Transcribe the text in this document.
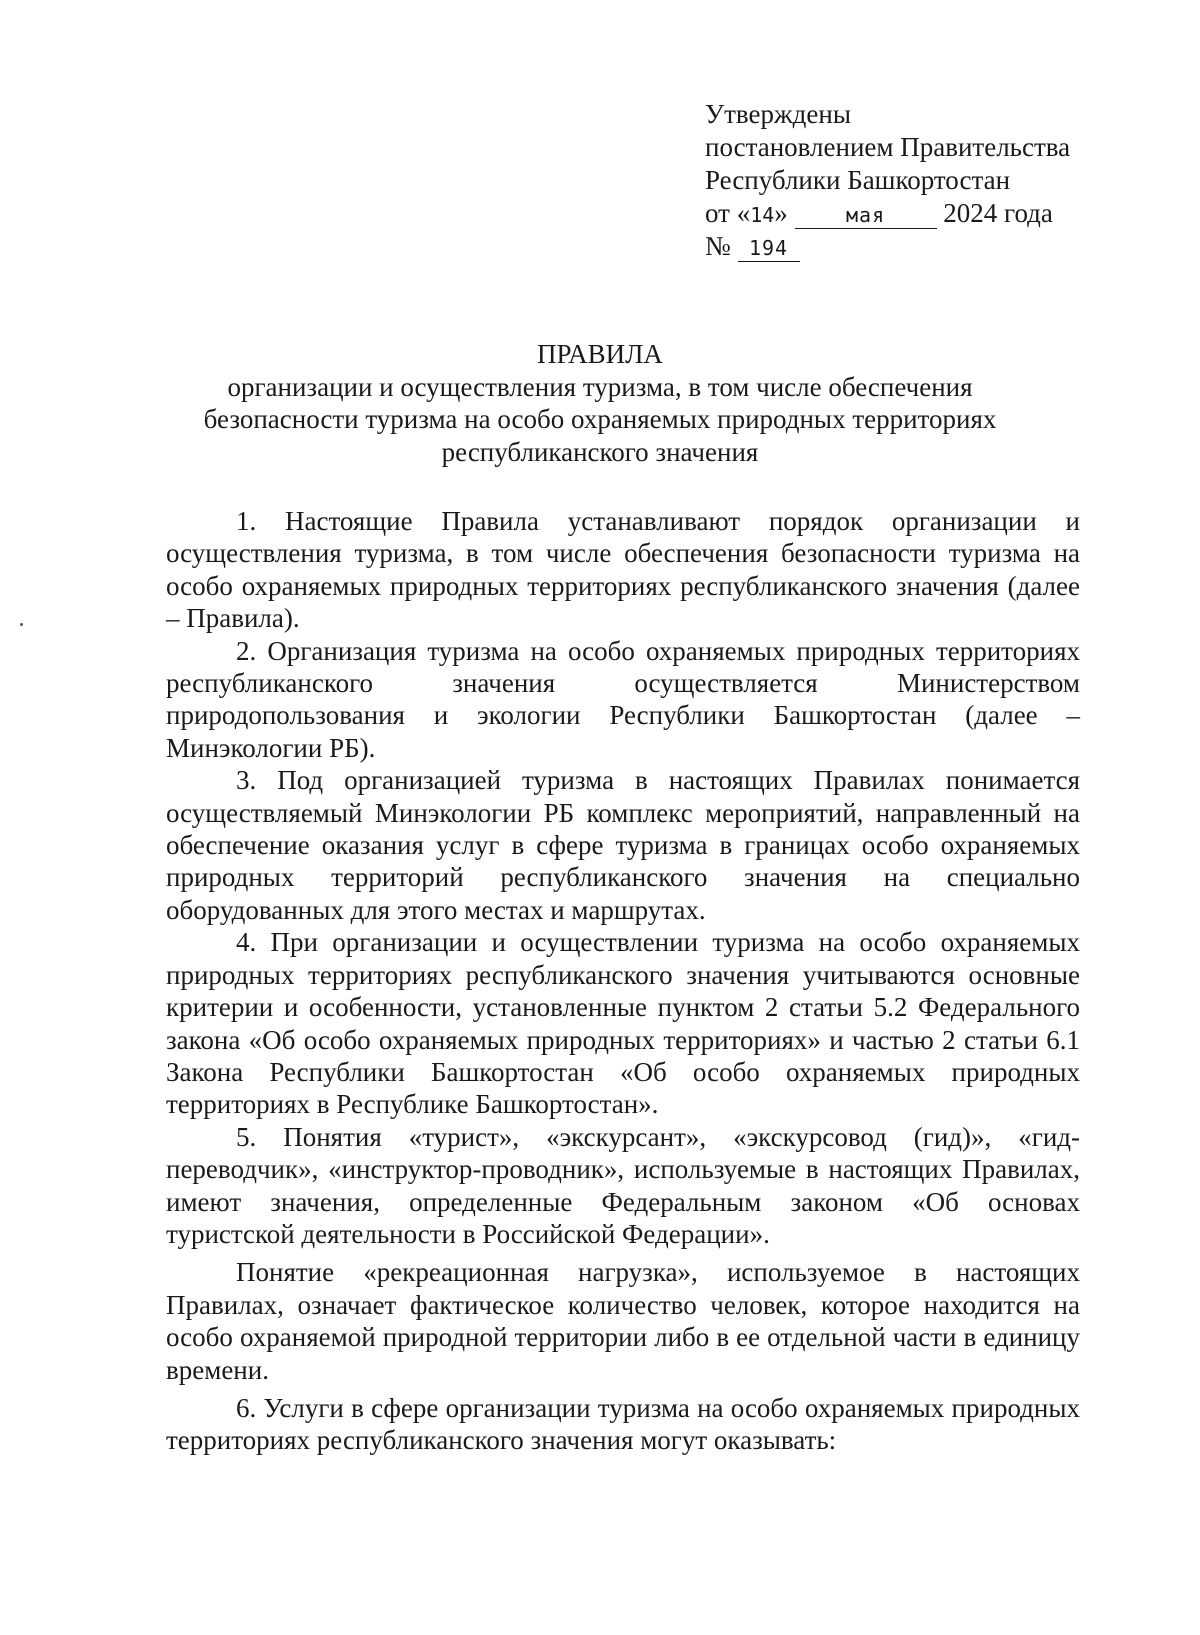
Утверждены
постановлением Правительства
Республики Башкортостан
от «14»	мая 2024 года
№ 194
ПРАВИЛА
организации и осуществления туризма, в том числе обеспечения
безопасности туризма на особо охраняемых природных территориях
республиканского значения

1. Настоящие Правила устанавливают порядок организации и осуществления туризма, в том числе обеспечения безопасности туризма на особо охраняемых природных территориях республиканского значения (далее – Правила).

2. Организация туризма на особо охраняемых природных территориях республиканского значения осуществляется Министерством природопользования и экологии Республики Башкортостан (далее – Минэкологии РБ).

3. Под организацией туризма в настоящих Правилах понимается осуществляемый Минэкологии РБ комплекс мероприятий, направленный на обеспечение оказания услуг в сфере туризма в границах особо охраняемых природных территорий республиканского значения на специально оборудованных для этого местах и маршрутах.

4. При организации и осуществлении туризма на особо охраняемых природных территориях республиканского значения учитываются основные критерии и особенности, установленные пунктом 2 статьи 5.2 Федерального закона «Об особо охраняемых природных территориях» и частью 2 статьи 6.1 Закона Республики Башкортостан «Об особо охраняемых природных территориях в Республике Башкортостан».

5. Понятия «турист», «экскурсант», «экскурсовод (гид)», «гид-переводчик», «инструктор-проводник», используемые в настоящих Правилах, имеют значения, определенные Федеральным законом «Об основах туристской деятельности в Российской Федерации».

Понятие «рекреационная нагрузка», используемое в настоящих Правилах, означает фактическое количество человек, которое находится на особо охраняемой природной территории либо в ее отдельной части в единицу времени.

6. Услуги в сфере организации туризма на особо охраняемых природных территориях республиканского значения могут оказывать:
